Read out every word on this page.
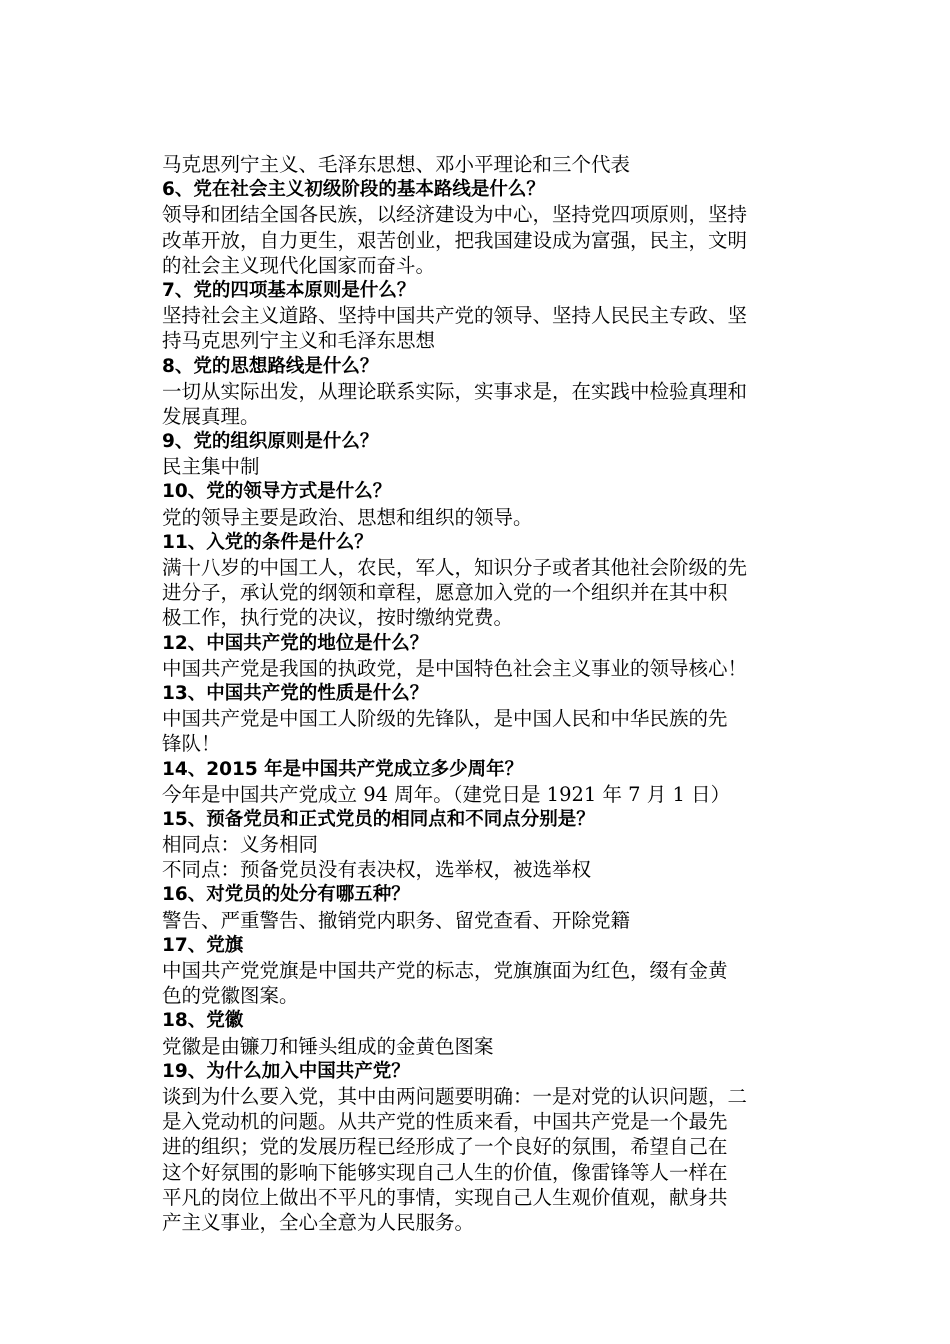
马克思列宁主义、毛泽东思想、邓小平理论和三个代表
6、党在社会主义初级阶段的基本路线是什么？
领导和团结全国各民族，以经济建设为中心，坚持党四项原则，坚持
改革开放，自力更生，艰苦创业，把我国建设成为富强，民主，文明
的社会主义现代化国家而奋斗。
7、党的四项基本原则是什么？
坚持社会主义道路、坚持中国共产党的领导、坚持人民民主专政、坚
持马克思列宁主义和毛泽东思想
8、党的思想路线是什么？
一切从实际出发，从理论联系实际，实事求是，在实践中检验真理和
发展真理。
9、党的组织原则是什么？
民主集中制
10、党的领导方式是什么？
党的领导主要是政治、思想和组织的领导。
11、入党的条件是什么？
满十八岁的中国工人，农民，军人，知识分子或者其他社会阶级的先
进分子，承认党的纲领和章程，愿意加入党的一个组织并在其中积
极工作，执行党的决议，按时缴纳党费。
12、中国共产党的地位是什么？
中国共产党是我国的执政党，是中国特色社会主义事业的领导核心！
13、中国共产党的性质是什么？
中国共产党是中国工人阶级的先锋队，是中国人民和中华民族的先
锋队！
14、2015 年是中国共产党成立多少周年？
今年是中国共产党成立 94 周年。（建党日是 1921 年 7 月 1 日）
15、预备党员和正式党员的相同点和不同点分别是？
相同点：义务相同
不同点：预备党员没有表决权，选举权，被选举权
16、对党员的处分有哪五种？
警告、严重警告、撤销党内职务、留党查看、开除党籍
17、党旗
中国共产党党旗是中国共产党的标志，党旗旗面为红色，缀有金黄
色的党徽图案。
18、党徽
党徽是由镰刀和锤头组成的金黄色图案
19、为什么加入中国共产党？
谈到为什么要入党，其中由两问题要明确：一是对党的认识问题，二
是入党动机的问题。从共产党的性质来看，中国共产党是一个最先
进的组织；党的发展历程已经形成了一个良好的氛围，希望自己在
这个好氛围的影响下能够实现自己人生的价值，像雷锋等人一样在
平凡的岗位上做出不平凡的事情，实现自己人生观价值观，献身共
产主义事业，全心全意为人民服务。
